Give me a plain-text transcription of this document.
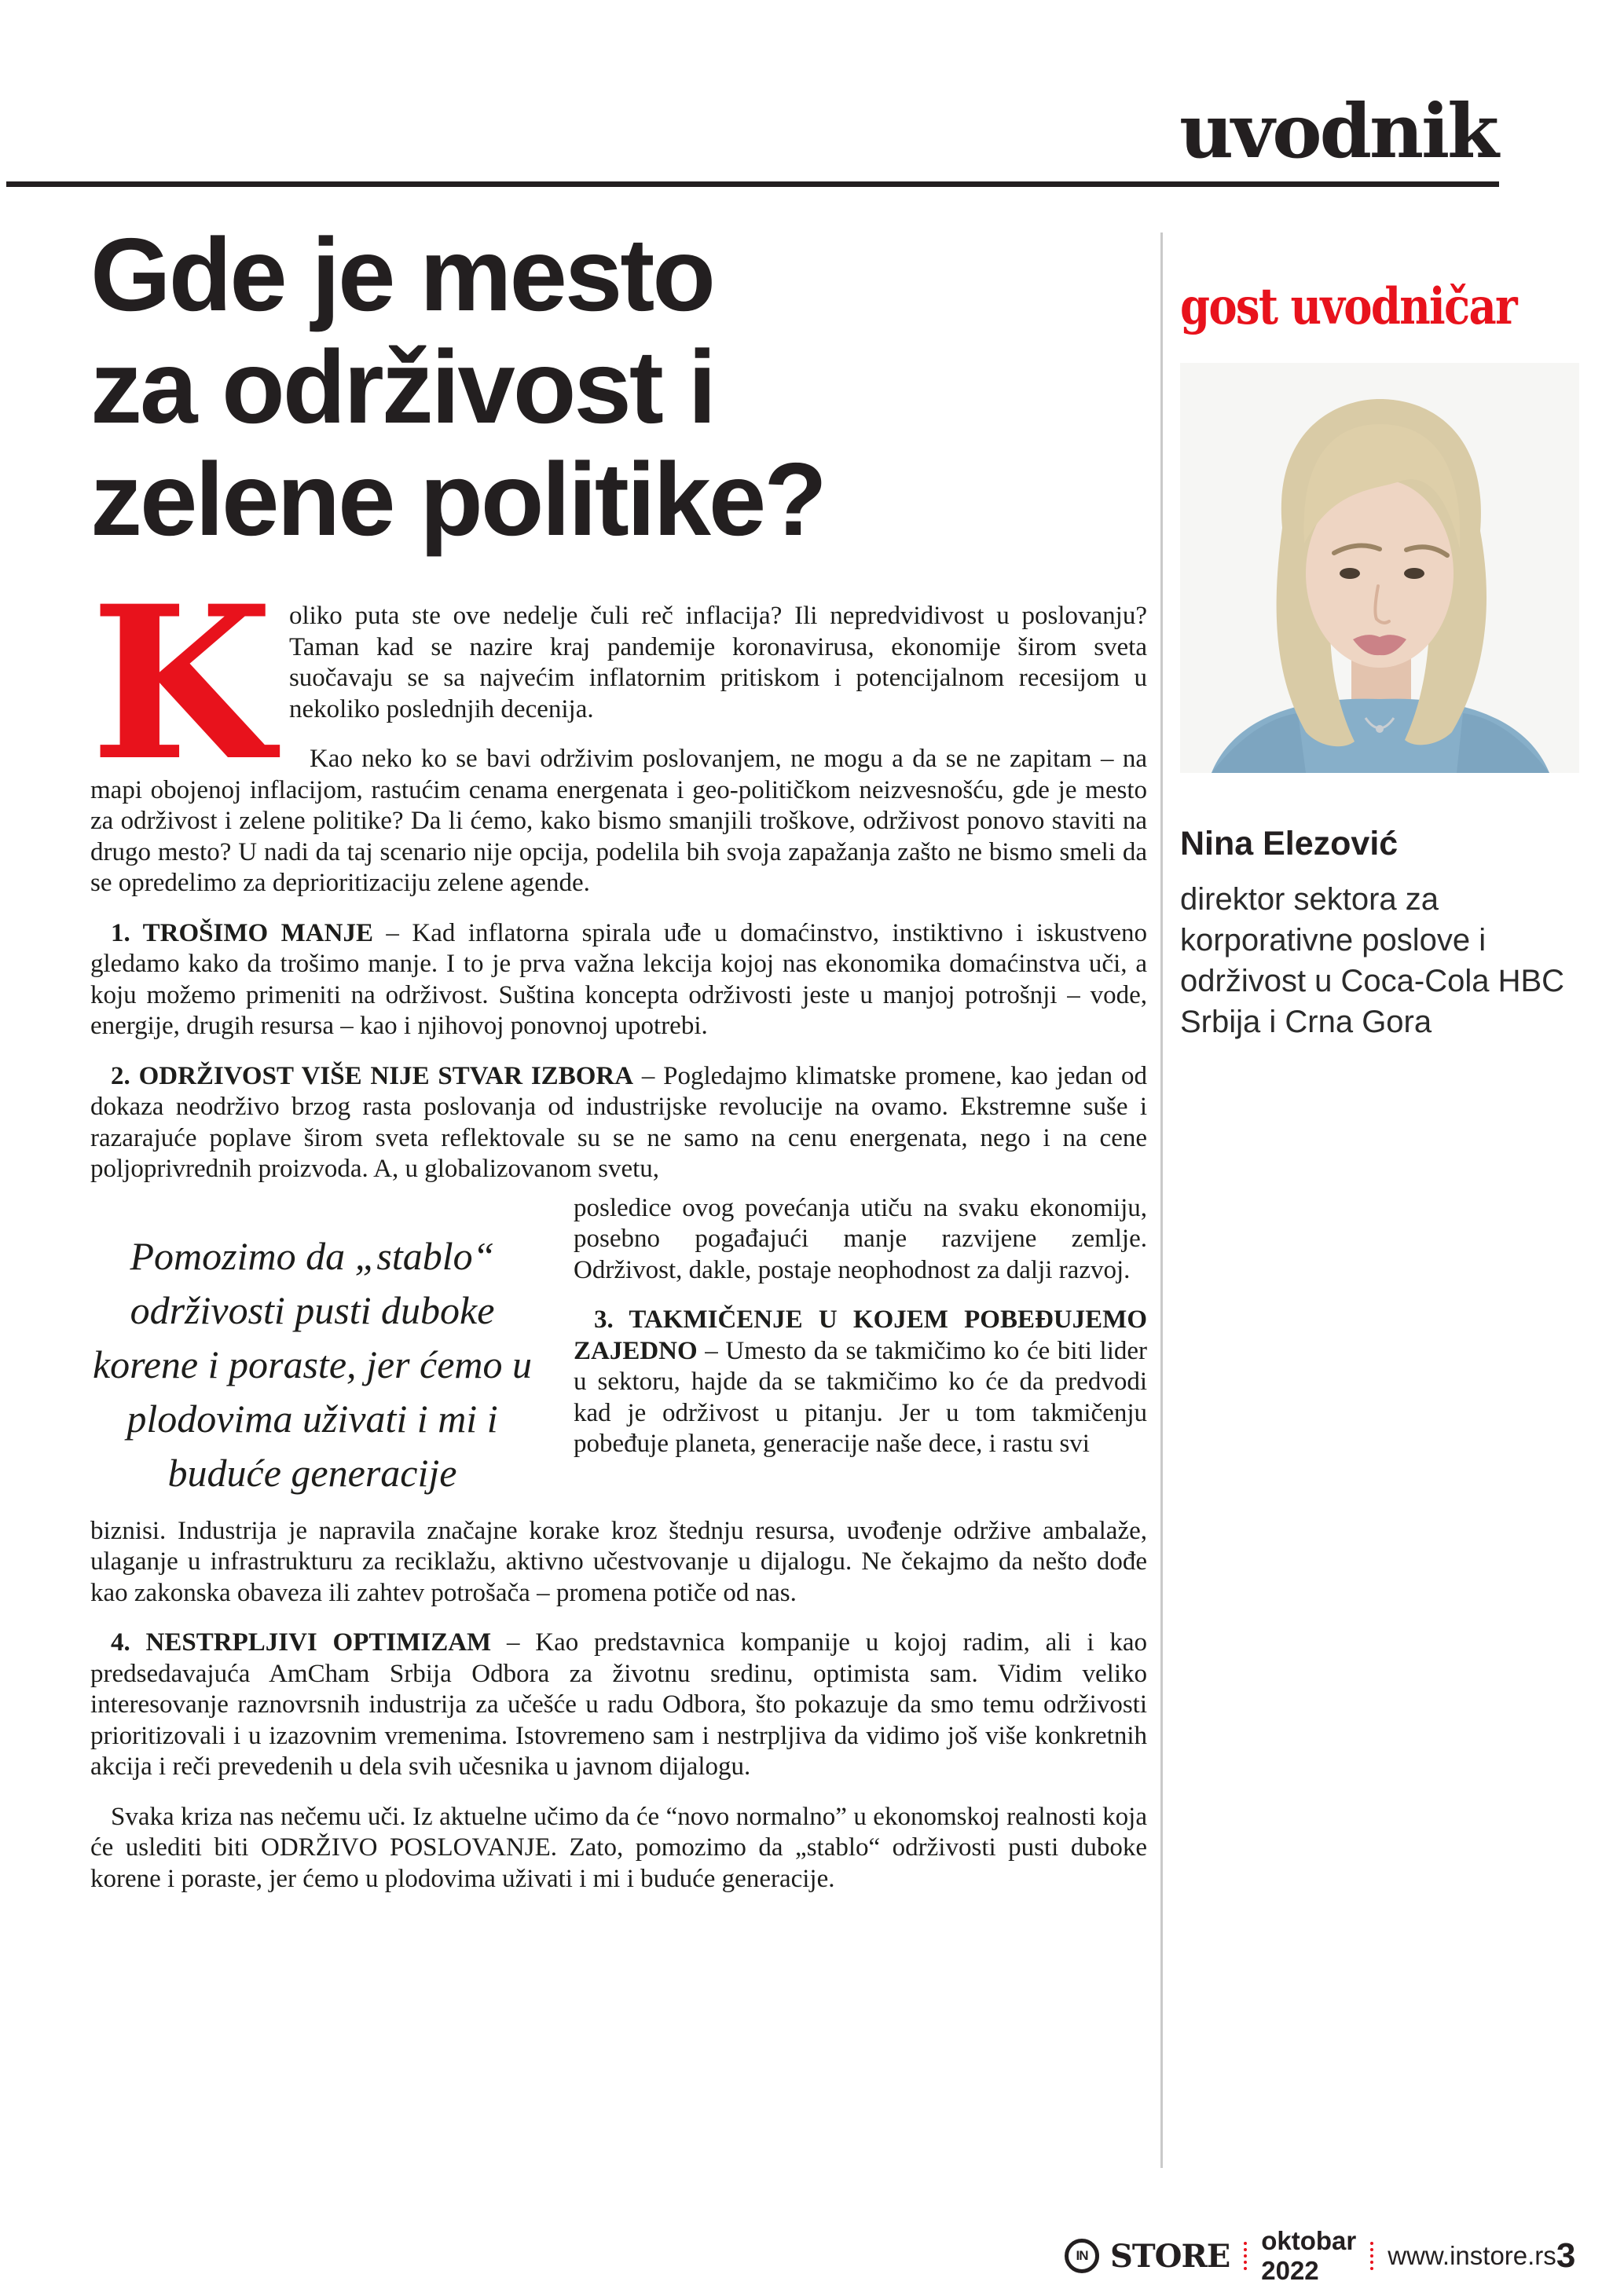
uvodnik
Gde je mesto
za održivost i
zelene politike?

Koliko puta ste ove nedelje čuli reč inflacija? Ili nepredvidivost u poslovanju? Taman kad se nazire kraj pandemije koronavirusa, ekonomije širom sveta suočavaju se sa najvećim inflatornim pritiskom i potencijalnom recesijom u nekoliko poslednjih decenija.

Kao neko ko se bavi održivim poslovanjem, ne mogu a da se ne zapitam – na mapi obojenoj inflacijom, rastućim cenama energenata i geo-političkom neizvesnošću, gde je mesto za održivost i zelene politike? Da li ćemo, kako bismo smanjili troškove, održivost ponovo staviti na drugo mesto? U nadi da taj scenario nije opcija, podelila bih svoja zapažanja zašto ne bismo smeli da se opredelimo za deprioritizaciju zelene agende.

1. TROŠIMO MANJE – Kad inflatorna spirala uđe u domaćinstvo, instiktivno i iskustveno gledamo kako da trošimo manje. I to je prva važna lekcija kojoj nas ekonomika domaćinstva uči, a koju možemo primeniti na održivost. Suština koncepta održivosti jeste u manjoj potrošnji – vode, energije, drugih resursa – kao i njihovoj ponovnoj upotrebi.

2. ODRŽIVOST VIŠE NIJE STVAR IZBORA – Pogledajmo klimatske promene, kao jedan od dokaza neodrživo brzog rasta poslovanja od industrijske revolucije na ovamo. Ekstremne suše i razarajuće poplave širom sveta reflektovale su se ne samo na cenu energenata, nego i na cene poljoprivrednih proizvoda. A, u globalizovanom svetu,

Pomozimo da „stablo“ održivosti pusti duboke korene i poraste, jer ćemo u plodovima uživati i mi i buduće generacije

posledice ovog povećanja utiču na svaku ekonomiju, posebno pogađajući manje razvijene zemlje. Održivost, dakle, postaje neophodnost za dalji razvoj.

3. TAKMIČENJE U KOJEM POBEĐUJEMO ZAJEDNO – Umesto da se takmičimo ko će biti lider u sektoru, hajde da se takmičimo ko će da predvodi kad je održivost u pitanju. Jer u tom takmičenju pobeđuje planeta, generacije naše dece, i rastu svi

biznisi. Industrija je napravila značajne korake kroz štednju resursa, uvođenje održive ambalaže, ulaganje u infrastrukturu za reciklažu, aktivno učestvovanje u dijalogu. Ne čekajmo da nešto dođe kao zakonska obaveza ili zahtev potrošača – promena potiče od nas.

4. NESTRPLJIVI OPTIMIZAM – Kao predstavnica kompanije u kojoj radim, ali i kao predsedavajuća AmCham Srbija Odbora za životnu sredinu, optimista sam. Vidim veliko interesovanje raznovrsnih industrija za učešće u radu Odbora, što pokazuje da smo temu održivosti prioritizovali i u izazovnim vremenima. Istovremeno sam i nestrpljiva da vidimo još više konkretnih akcija i reči prevedenih u dela svih učesnika u javnom dijalogu.

Svaka kriza nas nečemu uči. Iz aktuelne učimo da će “novo normalno” u ekonomskoj realnosti koja će uslediti biti ODRŽIVO POSLOVANJE. Zato, pomozimo da „stablo“ održivosti pusti duboke korene i poraste, jer ćemo u plodovima uživati i mi i buduće generacije.

gost uvodničar
Nina Elezović
direktor sektora za korporativne poslove i održivost u Coca-Cola HBC Srbija i Crna Gora
IN STORE oktobar 2022
www.instore.rs 3
